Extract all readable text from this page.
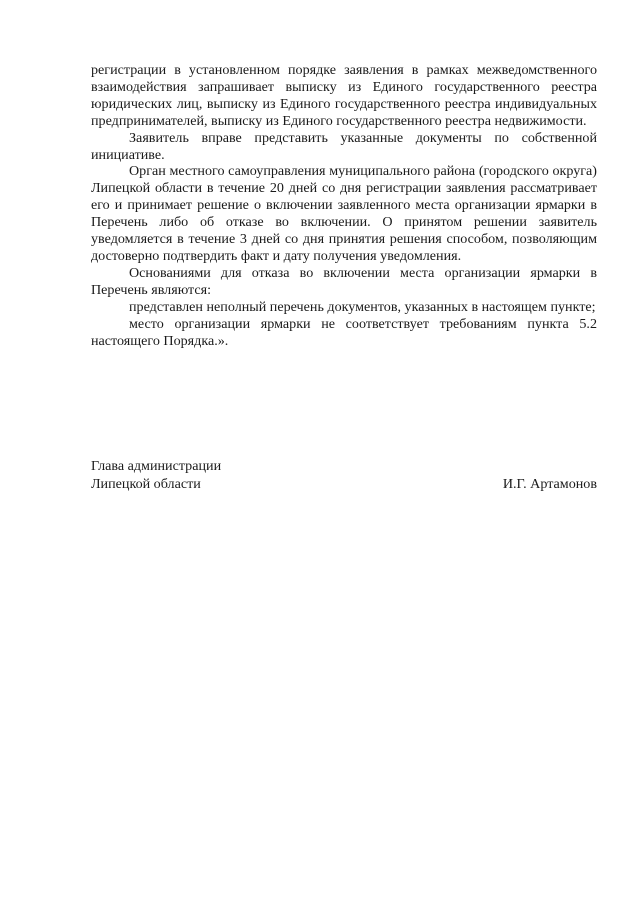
регистрации в установленном порядке заявления в рамках межведомственного взаимодействия запрашивает выписку из Единого государственного реестра юридических лиц, выписку из Единого государственного реестра индивидуальных предпринимателей, выписку из Единого государственного реестра недвижимости.

Заявитель вправе представить указанные документы по собственной инициативе.

Орган местного самоуправления муниципального района (городского округа) Липецкой области в течение 20 дней со дня регистрации заявления рассматривает его и принимает решение о включении заявленного места организации ярмарки в Перечень либо об отказе во включении. О принятом решении заявитель уведомляется в течение 3 дней со дня принятия решения способом, позволяющим достоверно подтвердить факт и дату получения уведомления.

Основаниями для отказа во включении места организации ярмарки в Перечень являются:

представлен неполный перечень документов, указанных в настоящем пункте;

место организации ярмарки не соответствует требованиям пункта 5.2 настоящего Порядка.».

Глава администрации
Липецкой области	И.Г. Артамонов
